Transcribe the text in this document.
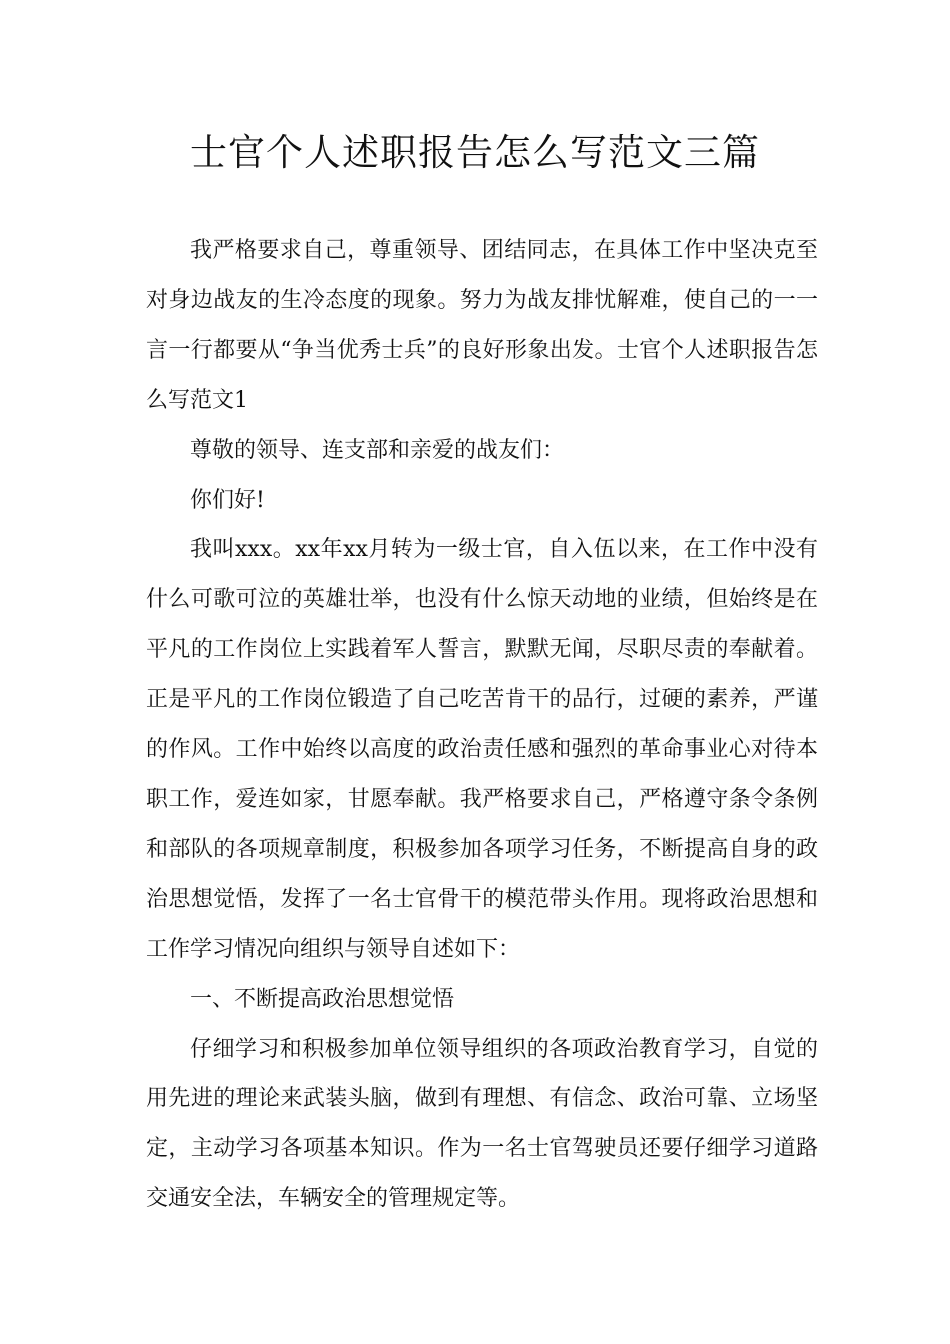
士官个人述职报告怎么写范文三篇

我严格要求自己，尊重领导、团结同志，在具体工作中坚决克至对身边战友的生冷态度的现象。努力为战友排忧解难，使自己的一一言一行都要从“争当优秀士兵”的良好形象出发。士官个人述职报告怎么写范文1

尊敬的领导、连支部和亲爱的战友们：

你们好!

我叫xxx。xx年xx月转为一级士官，自入伍以来，在工作中没有什么可歌可泣的英雄壮举，也没有什么惊天动地的业绩，但始终是在平凡的工作岗位上实践着军人誓言，默默无闻，尽职尽责的奉献着。正是平凡的工作岗位锻造了自己吃苦肯干的品行，过硬的素养，严谨的作风。工作中始终以高度的政治责任感和强烈的革命事业心对待本职工作，爱连如家，甘愿奉献。我严格要求自己，严格遵守条令条例和部队的各项规章制度，积极参加各项学习任务，不断提高自身的政治思想觉悟，发挥了一名士官骨干的模范带头作用。现将政治思想和工作学习情况向组织与领导自述如下：

一、不断提高政治思想觉悟

仔细学习和积极参加单位领导组织的各项政治教育学习，自觉的用先进的理论来武装头脑，做到有理想、有信念、政治可靠、立场坚定，主动学习各项基本知识。作为一名士官驾驶员还要仔细学习道路交通安全法，车辆安全的管理规定等。
